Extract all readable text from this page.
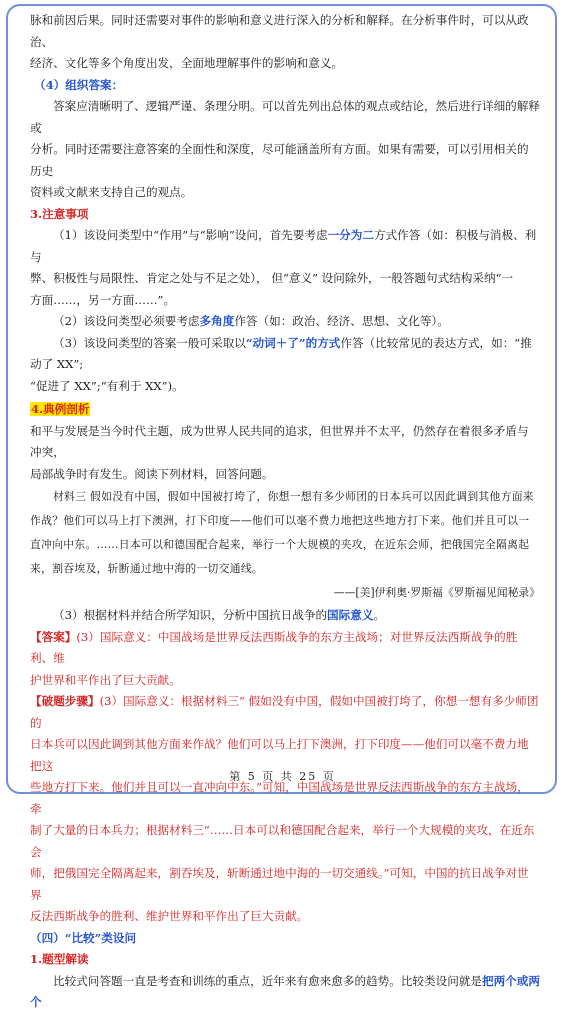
脉和前因后果。同时还需要对事件的影响和意义进行深入的分析和解释。在分析事件时，可以从政治、

经济、文化等多个角度出发，全面地理解事件的影响和意义。

（4）组织答案：

答案应清晰明了、逻辑严谨、条理分明。可以首先列出总体的观点或结论，然后进行详细的解释或

分析。同时还需要注意答案的全面性和深度，尽可能涵盖所有方面。如果有需要，可以引用相关的历史

资料或文献来支持自己的观点。

3.注意事项

（1）该设问类型中“作用”与“影响”设问，首先要考虑一分为二方式作答（如：积极与消极、利与

弊、积极性与局限性、肯定之处与不足之处）， 但“意义” 设问除外，一般答题句式结构采纳“一

方面……，另一方面……”。

（2）该设问类型必须要考虑多角度作答（如：政治、经济、思想、文化等）。

（3）该设问类型的答案一般可采取以“动词＋了”的方式作答（比较常见的表达方式，如：“推动了 XX”;

“促进了 XX”;“有利于 XX”)。

4.典例剖析

和平与发展是当今时代主题，成为世界人民共同的追求，但世界并不太平，仍然存在着很多矛盾与冲突，

局部战争时有发生。阅读下列材料，回答问题。

材料三 假如没有中国，假如中国被打垮了，你想一想有多少师团的日本兵可以因此调到其他方面来

作战？他们可以马上打下澳洲，打下印度——他们可以毫不费力地把这些地方打下来。他们并且可以一

直冲向中东。……日本可以和德国配合起来，举行一个大规模的夹攻，在近东会师，把俄国完全隔离起

来，割吞埃及，斩断通过地中海的一切交通线。

——[美]伊利奥·罗斯福《罗斯福见闻秘录》

（3）根据材料并结合所学知识，分析中国抗日战争的国际意义。

【答案】(3）国际意义：中国战场是世界反法西斯战争的东方主战场；对世界反法西斯战争的胜利、维

护世界和平作出了巨大贡献。

【破题步骤】(3）国际意义：根据材料三“ 假如没有中国，假如中国被打垮了，你想一想有多少师团的

日本兵可以因此调到其他方面来作战？他们可以马上打下澳洲，打下印度——他们可以毫不费力地把这

些地方打下来。他们并且可以一直冲向中东。”可知，中国战场是世界反法西斯战争的东方主战场，牵

制了大量的日本兵力；根据材料三“……日本可以和德国配合起来，举行一个大规模的夹攻，在近东会

师，把俄国完全隔离起来，割吞埃及，斩断通过地中海的一切交通线。”可知，中国的抗日战争对世界

反法西斯战争的胜利、维护世界和平作出了巨大贡献。

（四）“比较”类设问

1.题型解读

比较式问答题一直是考查和训练的重点，近年来有愈来愈多的趋势。比较类设问就是把两个或两个

第 5 页 共 25 页
